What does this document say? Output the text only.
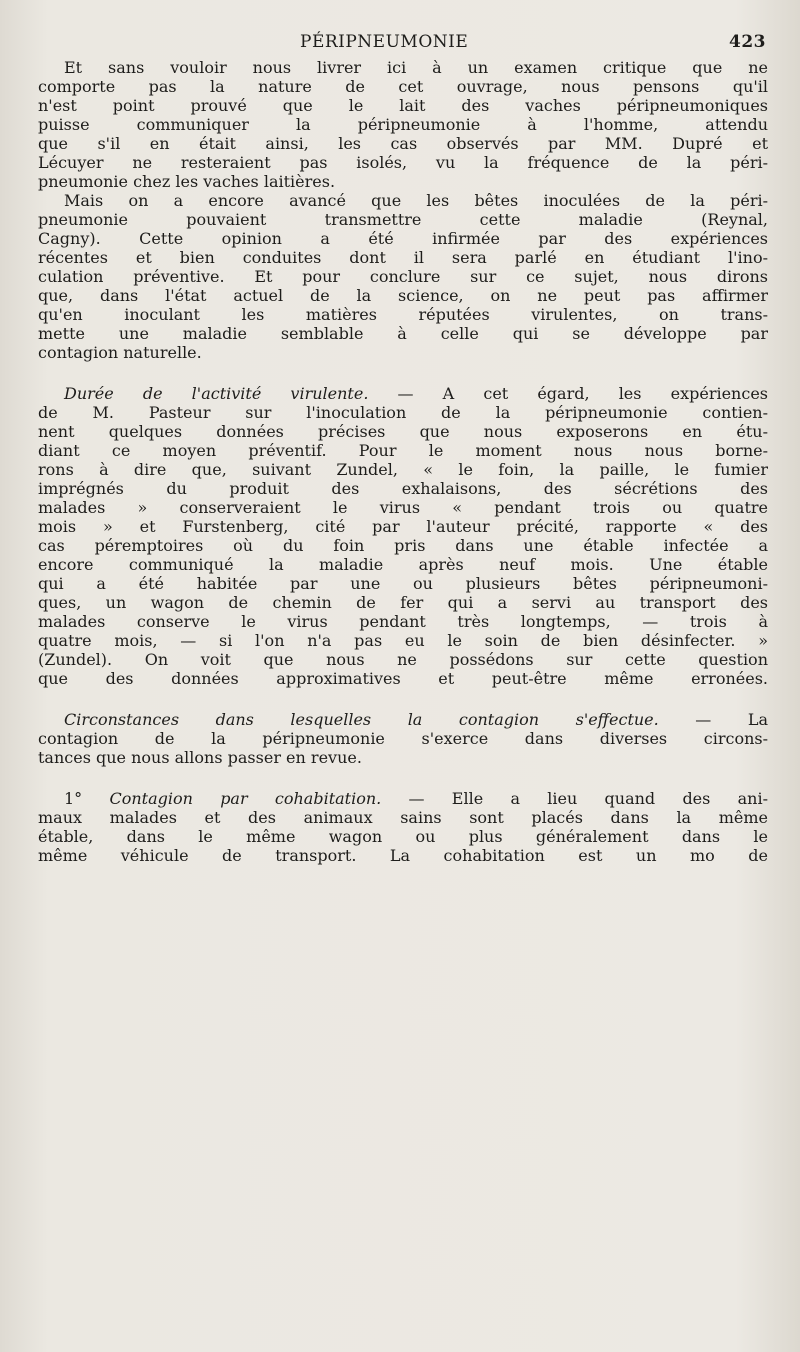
PÉRIPNEUMONIE	423
Et sans vouloir nous livrer ici à un examen critique que ne
comporte pas la nature de cet ouvrage, nous pensons qu'il
n'est point prouvé que le lait des vaches péripneumoniques
puisse communiquer la péripneumonie à l'homme, attendu
que s'il en était ainsi, les cas observés par MM. Dupré et
Lécuyer ne resteraient pas isolés, vu la fréquence de la péri-
pneumonie chez les vaches laitières.
Mais on a encore avancé que les bêtes inoculées de la péri-
pneumonie pouvaient transmettre cette maladie (Reynal,
Cagny). Cette opinion a été infirmée par des expériences
récentes et bien conduites dont il sera parlé en étudiant l'ino-
culation préventive. Et pour conclure sur ce sujet, nous dirons
que, dans l'état actuel de la science, on ne peut pas affirmer
qu'en inoculant les matières réputées virulentes, on trans-
mette une maladie semblable à celle qui se développe par
contagion naturelle.
Durée de l'activité virulente. — A cet égard, les expériences
de M. Pasteur sur l'inoculation de la péripneumonie contien-
nent quelques données précises que nous exposerons en étu-
diant ce moyen préventif. Pour le moment nous nous borne-
rons à dire que, suivant Zundel, « le foin, la paille, le fumier
imprégnés du produit des exhalaisons, des sécrétions des
malades » conserveraient le virus « pendant trois ou quatre
mois » et Furstenberg, cité par l'auteur précité, rapporte « des
cas péremptoires où du foin pris dans une étable infectée a
encore communiqué la maladie après neuf mois. Une étable
qui a été habitée par une ou plusieurs bêtes péripneumoni-
ques, un wagon de chemin de fer qui a servi au transport des
malades conserve le virus pendant très longtemps, — trois à
quatre mois, — si l'on n'a pas eu le soin de bien désinfecter. »
(Zundel). On voit que nous ne possédons sur cette question
que des données approximatives et peut-être même erronées.
Circonstances dans lesquelles la contagion s'effectue. — La
contagion de la péripneumonie s'exerce dans diverses circons-
tances que nous allons passer en revue.
1° Contagion par cohabitation. — Elle a lieu quand des ani-
maux malades et des animaux sains sont placés dans la même
étable, dans le même wagon ou plus généralement dans le
même véhicule de transport. La cohabitation est un mo de
